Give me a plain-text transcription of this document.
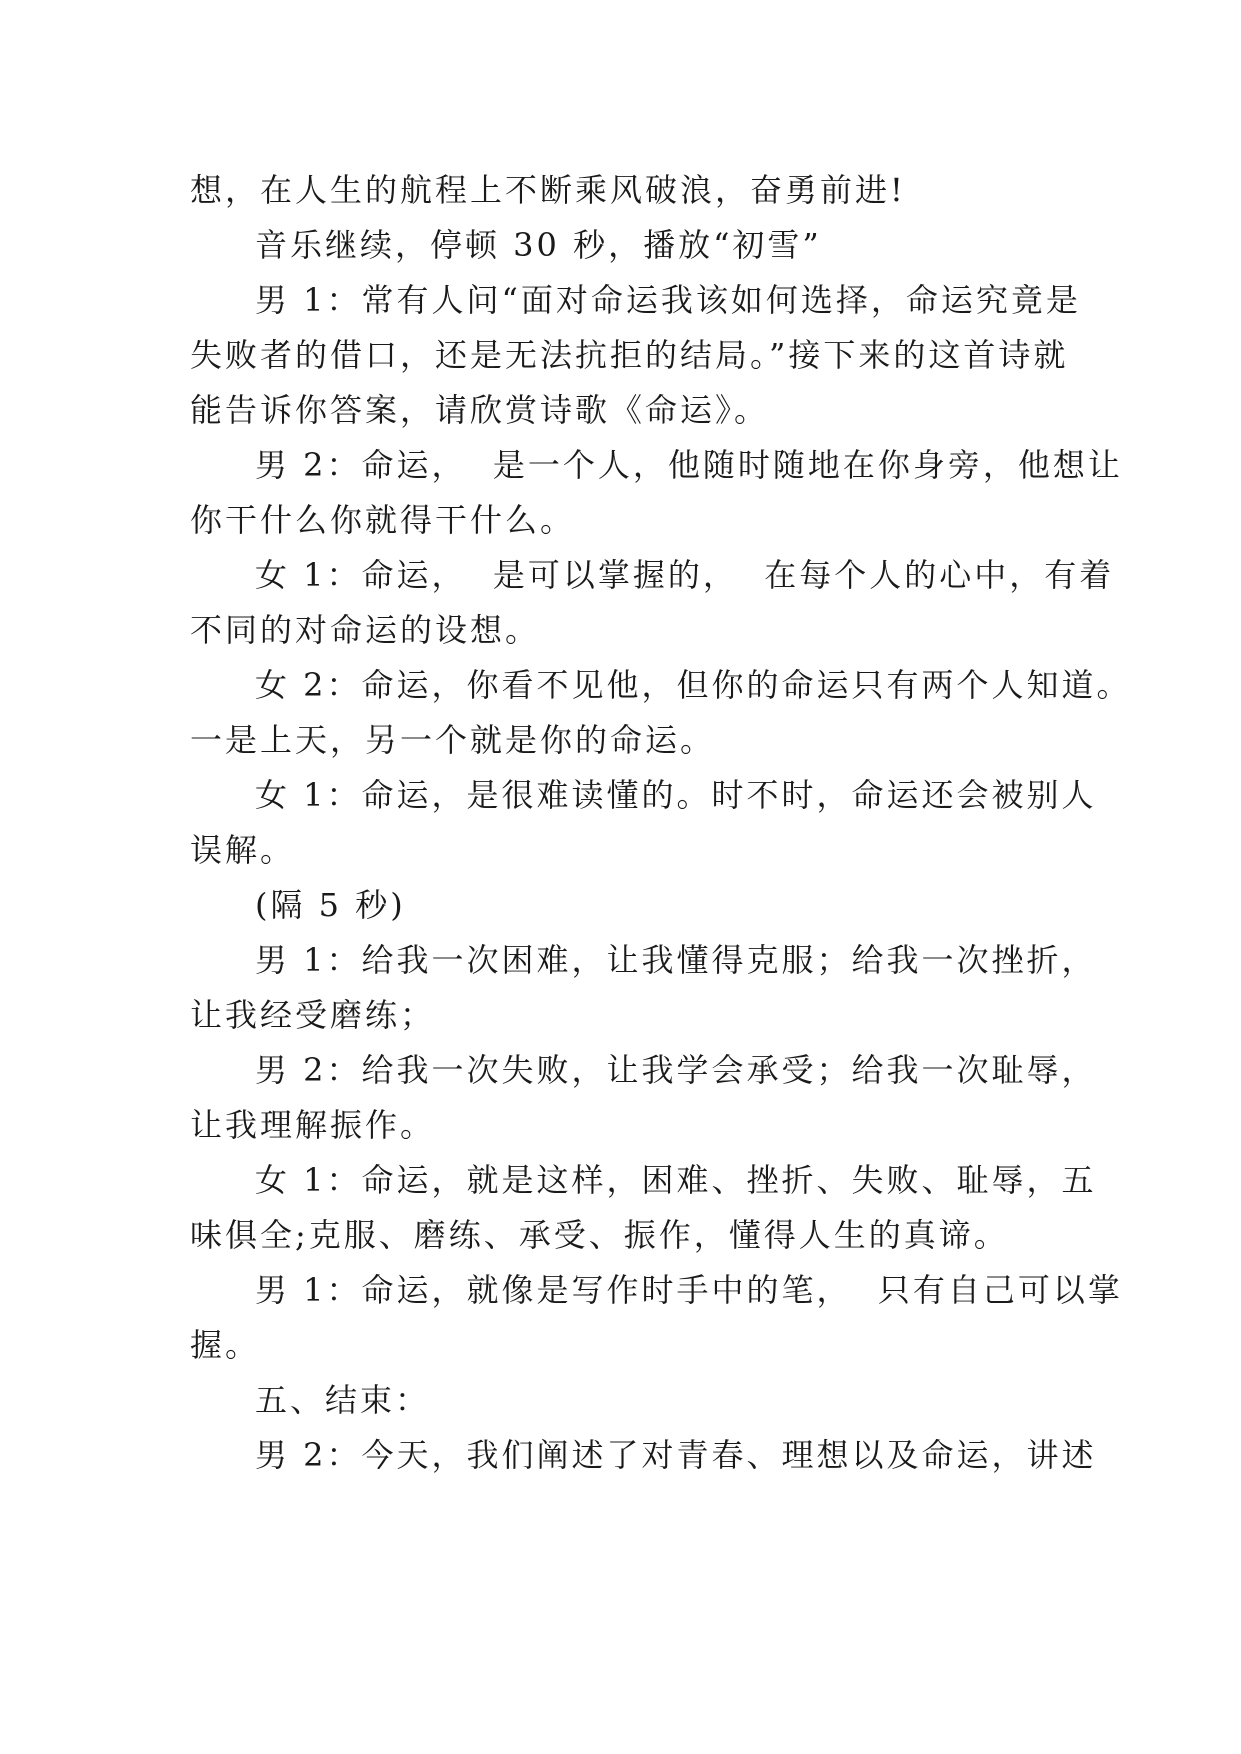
想，在人生的航程上不断乘风破浪，奋勇前进!
音乐继续，停顿 30 秒，播放“初雪”
男 1：常有人问“面对命运我该如何选择，命运究竟是
失败者的借口，还是无法抗拒的结局。”接下来的这首诗就
能告诉你答案，请欣赏诗歌《命运》。
男 2：命运，  是一个人，他随时随地在你身旁，他想让
你干什么你就得干什么。
女 1：命运，  是可以掌握的，  在每个人的心中，有着
不同的对命运的设想。
女 2：命运，你看不见他，但你的命运只有两个人知道。
一是上天，另一个就是你的命运。
女 1：命运，是很难读懂的。时不时，命运还会被别人
误解。
(隔 5 秒)
男 1：给我一次困难，让我懂得克服；给我一次挫折，
让我经受磨练；
男 2：给我一次失败，让我学会承受；给我一次耻辱，
让我理解振作。
女 1：命运，就是这样，困难、挫折、失败、耻辱，五
味俱全;克服、磨练、承受、振作，懂得人生的真谛。
男 1：命运，就像是写作时手中的笔，  只有自己可以掌
握。
五、结束：
男 2：今天，我们阐述了对青春、理想以及命运，讲述
